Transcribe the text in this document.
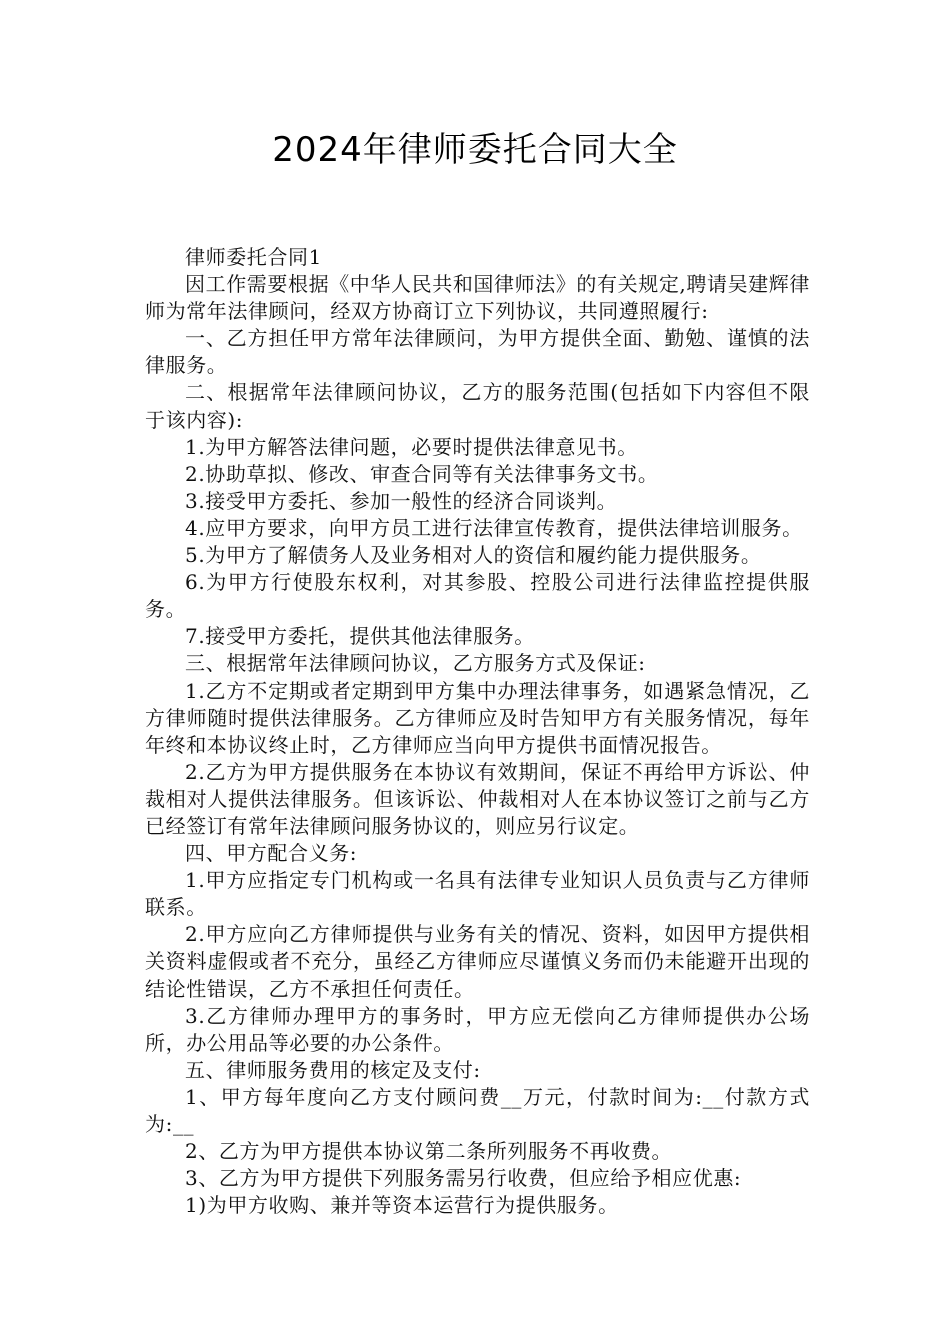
2024年律师委托合同大全

律师委托合同1

因工作需要根据《中华人民共和国律师法》的有关规定,聘请吴建辉律师为常年法律顾问，经双方协商订立下列协议，共同遵照履行:

一、乙方担任甲方常年法律顾问，为甲方提供全面、勤勉、谨慎的法律服务。

二、根据常年法律顾问协议，乙方的服务范围(包括如下内容但不限于该内容):

1.为甲方解答法律问题，必要时提供法律意见书。

2.协助草拟、修改、审查合同等有关法律事务文书。

3.接受甲方委托、参加一般性的经济合同谈判。

4.应甲方要求，向甲方员工进行法律宣传教育，提供法律培训服务。

5.为甲方了解债务人及业务相对人的资信和履约能力提供服务。

6.为甲方行使股东权利，对其参股、控股公司进行法律监控提供服务。

7.接受甲方委托，提供其他法律服务。

三、根据常年法律顾问协议，乙方服务方式及保证:

1.乙方不定期或者定期到甲方集中办理法律事务，如遇紧急情况，乙方律师随时提供法律服务。乙方律师应及时告知甲方有关服务情况，每年年终和本协议终止时，乙方律师应当向甲方提供书面情况报告。

2.乙方为甲方提供服务在本协议有效期间，保证不再给甲方诉讼、仲裁相对人提供法律服务。但该诉讼、仲裁相对人在本协议签订之前与乙方已经签订有常年法律顾问服务协议的，则应另行议定。

四、甲方配合义务:

1.甲方应指定专门机构或一名具有法律专业知识人员负责与乙方律师联系。

2.甲方应向乙方律师提供与业务有关的情况、资料，如因甲方提供相关资料虚假或者不充分，虽经乙方律师应尽谨慎义务而仍未能避开出现的结论性错误，乙方不承担任何责任。

3.乙方律师办理甲方的事务时，甲方应无偿向乙方律师提供办公场所，办公用品等必要的办公条件。

五、律师服务费用的核定及支付:

1、甲方每年度向乙方支付顾问费__万元，付款时间为:__付款方式为:__

2、乙方为甲方提供本协议第二条所列服务不再收费。

3、乙方为甲方提供下列服务需另行收费，但应给予相应优惠:

1)为甲方收购、兼并等资本运营行为提供服务。
